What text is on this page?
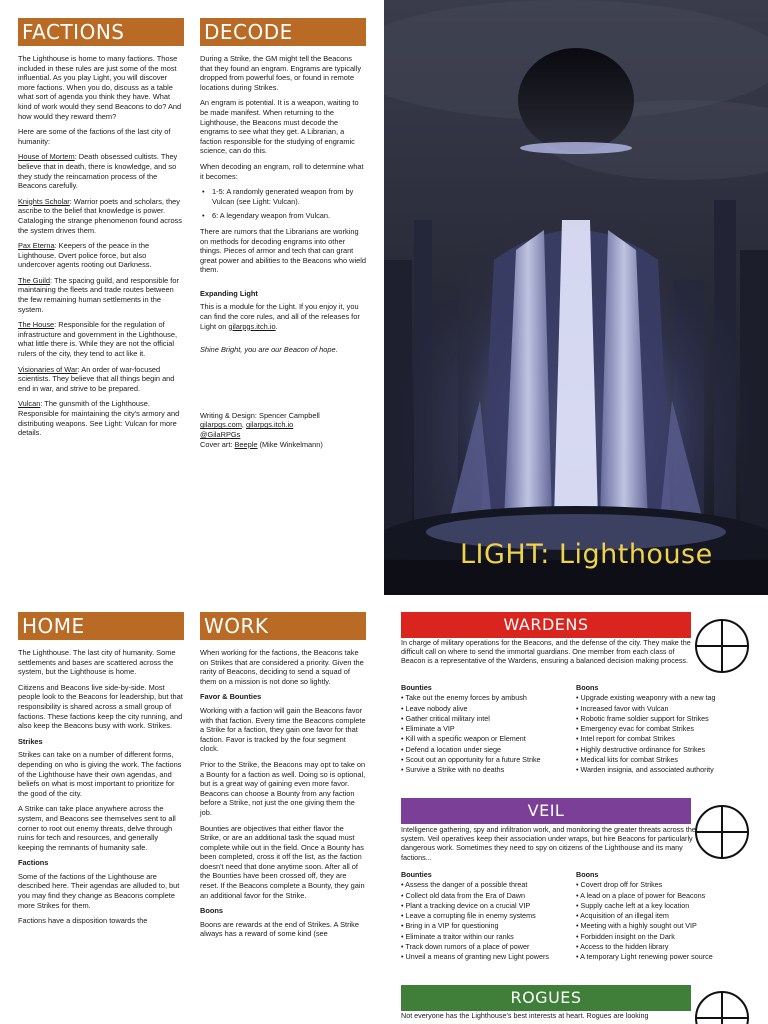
FACTIONS

The Lighthouse is home to many factions. Those included in these rules are just some of the most influential. As you play Light, you will discover more factions. When you do, discuss as a table what sort of agenda you think they have. What kind of work would they send Beacons to do? And how would they reward them?

Here are some of the factions of the last city of humanity:

House of Mortem: Death obsessed cultists. They believe that in death, there is knowledge, and so they study the reincarnation process of the Beacons carefully.

Knights Scholar: Warrior poets and scholars, they ascribe to the belief that knowledge is power. Cataloging the strange phenomenon found across the system drives them.

Pax Eterna: Keepers of the peace in the Lighthouse. Overt police force, but also undercover agents rooting out Darkness.

The Guild: The spacing guild, and responsible for maintaining the fleets and trade routes between the few remaining human settlements in the system.

The House: Responsible for the regulation of infrastructure and government in the Lighthouse, what little there is. While they are not the official rulers of the city, they tend to act like it.

Visionaries of War: An order of war-focused scientists. They believe that all things begin and end in war, and strive to be prepared.

Vulcan: The gunsmith of the Lighthouse. Responsible for maintaining the city's armory and distributing weapons. See Light: Vulcan for more details.

DECODE

During a Strike, the GM might tell the Beacons that they found an engram. Engrams are typically dropped from powerful foes, or found in remote locations during Strikes.

An engram is potential. It is a weapon, waiting to be made manifest. When returning to the Lighthouse, the Beacons must decode the engrams to see what they get. A Librarian, a faction responsible for the studying of engramic science, can do this.

When decoding an engram, roll to determine what it becomes:

• 1-5: A randomly generated weapon from by Vulcan (see Light: Vulcan).
• 6: A legendary weapon from Vulcan.

There are rumors that the Librarians are working on methods for decoding engrams into other things. Pieces of armor and tech that can grant great power and abilities to the Beacons who wield them.

Expanding Light

This is a module for the Light. If you enjoy it, you can find the core rules, and all of the releases for Light on gilarpgs.itch.io.

Shine Bright, you are our Beacon of hope.

Writing & Design: Spencer Campbell
gilarpgs.com, gilarpgs.itch.io
@GilaRPGs
Cover art: Beeple (Mike Winkelmann)
LIGHT: Lighthouse
HOME

The Lighthouse. The last city of humanity. Some settlements and bases are scattered across the system, but the Lighthouse is home.

Citizens and Beacons live side-by-side. Most people look to the Beacons for leadership, but that responsibility is shared across a small group of factions. These factions keep the city running, and also keep the Beacons busy with work. Strikes.

Strikes

Strikes can take on a number of different forms, depending on who is giving the work. The factions of the Lighthouse have their own agendas, and beliefs on what is most important to prioritize for the good of the city.

A Strike can take place anywhere across the system, and Beacons see themselves sent to all corner to root out enemy threats, delve through ruins for tech and resources, and generally keeping the remnants of humanity safe.

Factions

Some of the factions of the Lighthouse are described here. Their agendas are alluded to, but you may find they change as Beacons complete more Strikes for them.

Factions have a disposition towards the

WORK

When working for the factions, the Beacons take on Strikes that are considered a priority. Given the rarity of Beacons, deciding to send a squad of them on a mission is not done so lightly.

Favor & Bounties

Working with a faction will gain the Beacons favor with that faction. Every time the Beacons complete a Strike for a faction, they gain one favor for that faction. Favor is tracked by the four segment clock.

Prior to the Strike, the Beacons may opt to take on a Bounty for a faction as well. Doing so is optional, but is a great way of gaining even more favor. Beacons can choose a Bounty from any faction before a Strike, not just the one giving them the job.

Bounties are objectives that either flavor the Strike, or are an additional task the squad must complete while out in the field. Once a Bounty has been completed, cross it off the list, as the faction doesn't need that done anytime soon. After all of the Bounties have been crossed off, they are reset. If the Beacons complete a Bounty, they gain an additional favor for the Strike.

Boons

Boons are rewards at the end of Strikes. A Strike always has a reward of some kind (see

WARDENS
In charge of military operations for the Beacons, and the defense of the city. They make the difficult call on where to send the immortal guardians. One member from each class of Beacon is a representative of the Wardens, ensuring a balanced decision making process.
Bounties
• Take out the enemy forces by ambush
• Leave nobody alive
• Gather critical military intel
• Eliminate a VIP
• Kill with a specific weapon or Element
• Defend a location under siege
• Scout out an opportunity for a future Strike
• Survive a Strike with no deaths
Boons
• Upgrade existing weaponry with a new tag
• Increased favor with Vulcan
• Robotic frame soldier support for Strikes
• Emergency evac for combat Strikes
• Intel report for combat Strikes
• Highly destructive ordinance for Strikes
• Medical kits for combat Strikes
• Warden insignia, and associated authority
VEIL
Intelligence gathering, spy and infiltration work, and monitoring the greater threats across the system. Veil operatives keep their association under wraps, but hire Beacons for particularly dangerous work. Sometimes they need to spy on citizens of the Lighthouse and its many factions...
Bounties
• Assess the danger of a possible threat
• Collect old data from the Era of Dawn
• Plant a tracking device on a crucial VIP
• Leave a corrupting file in enemy systems
• Bring in a VIP for questioning
• Eliminate a traitor within our ranks
• Track down rumors of a place of power
• Unveil a means of granting new Light powers
Boons
• Covert drop off for Strikes
• A lead on a place of power for Beacons
• Supply cache left at a key location
• Acquisition of an illegal item
• Meeting with a highly sought out VIP
• Forbidden insight on the Dark
• Access to the hidden library
• A temporary Light renewing power source
ROGUES
Not everyone has the Lighthouse's best interests at heart. Rogues are looking
